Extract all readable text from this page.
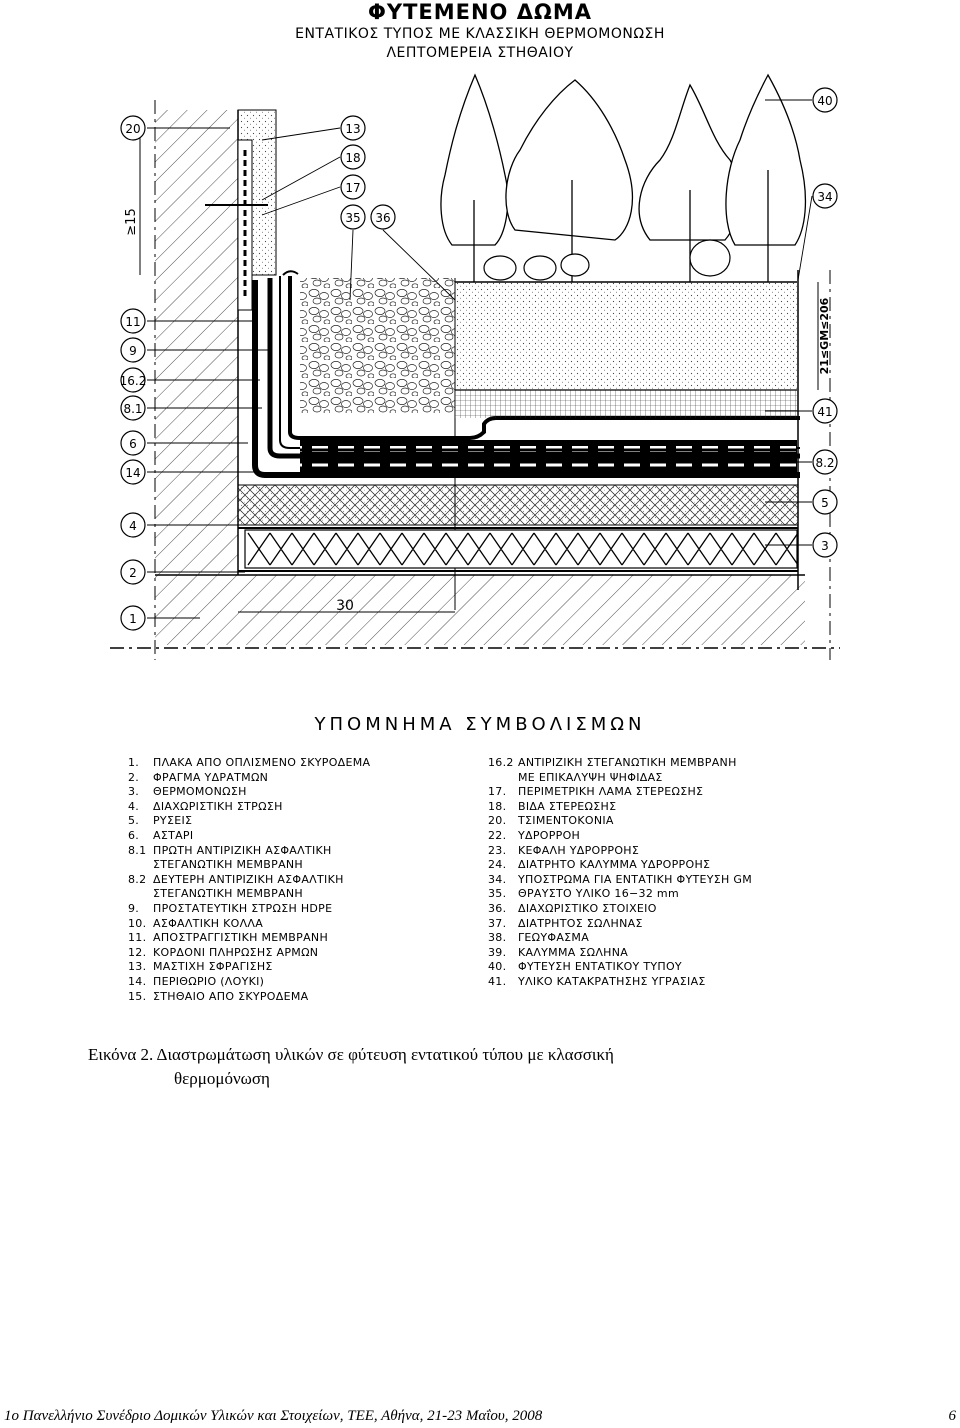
ΦΥΤΕΜΕΝΟ ΔΩΜΑ
ΕΝΤΑΤΙΚΟΣ ΤΥΠΟΣ ΜΕ ΚΛΑΣΣΙΚΗ ΘΕΡΜΟΜΟΝΩΣΗ
ΛΕΠΤΟΜΕΡΕΙΑ ΣΤΗΘΑΙΟΥ
≥15
30
21≤GM≤206
20
11
9
16.2
8.1
6
14
4
2
1
13
18
17
35 36
40
34
41
8.2
5
3
ΥΠΟΜΝΗΜΑ ΣΥΜΒΟΛΙΣΜΩΝ
1.	ΠΛΑΚΑ ΑΠΟ ΟΠΛΙΣΜΕΝΟ ΣΚΥΡΟΔΕΜΑ
2.	ΦΡΑΓΜΑ ΥΔΡΑΤΜΩΝ
3.	ΘΕΡΜΟΜΟΝΩΣΗ
4.	ΔΙΑΧΩΡΙΣΤΙΚΗ ΣΤΡΩΣΗ
5.	ΡΥΣΕΙΣ
6.	ΑΣΤΑΡΙ
8.1 ΠΡΩΤΗ ΑΝΤΙΡΙΖΙΚΗ ΑΣΦΑΛΤΙΚΗ
ΣΤΕΓΑΝΩΤΙΚΗ ΜΕΜΒΡΑΝΗ
8.2 ΔΕΥΤΕΡΗ ΑΝΤΙΡΙΖΙΚΗ ΑΣΦΑΛΤΙΚΗ
ΣΤΕΓΑΝΩΤΙΚΗ ΜΕΜΒΡΑΝΗ
9.	ΠΡΟΣΤΑΤΕΥΤΙΚΗ ΣΤΡΩΣΗ HDPE
10. ΑΣΦΑΛΤΙΚΗ ΚΟΛΛΑ
11. ΑΠΟΣΤΡΑΓΓΙΣΤΙΚΗ ΜΕΜΒΡΑΝΗ
12. ΚΟΡΔΟΝΙ ΠΛΗΡΩΣΗΣ ΑΡΜΩΝ
13. ΜΑΣΤΙΧΗ ΣΦΡΑΓΙΣΗΣ
14. ΠΕΡΙΘΩΡΙΟ (ΛΟΥΚΙ)
15. ΣΤΗΘΑΙΟ ΑΠΟ ΣΚΥΡΟΔΕΜΑ
16.2 ΑΝΤΙΡΙΖΙΚΗ ΣΤΕΓΑΝΩΤΙΚΗ ΜΕΜΒΡΑΝΗ
ΜΕ ΕΠΙΚΑΛΥΨΗ ΨΗΦΙΔΑΣ
17.	ΠΕΡΙΜΕΤΡΙΚΗ ΛΑΜΑ ΣΤΕΡΕΩΣΗΣ
18.	ΒΙΔΑ ΣΤΕΡΕΩΣΗΣ
20.	ΤΣΙΜΕΝΤΟΚΟΝΙΑ
22.	ΥΔΡΟΡΡΟΗ
23.	ΚΕΦΑΛΗ ΥΔΡΟΡΡΟΗΣ
24.	ΔΙΑΤΡΗΤΟ ΚΑΛΥΜΜΑ ΥΔΡΟΡΡΟΗΣ
34.	ΥΠΟΣΤΡΩΜΑ ΓΙΑ ΕΝΤΑΤΙΚΗ ΦΥΤΕΥΣΗ GM
35.	ΘΡΑΥΣΤΟ ΥΛΙΚΟ 16−32 mm
36.	ΔΙΑΧΩΡΙΣΤΙΚΟ ΣΤΟΙΧΕΙΟ
37.	ΔΙΑΤΡΗΤΟΣ ΣΩΛΗΝΑΣ
38.	ΓΕΩΥΦΑΣΜΑ
39.	ΚΑΛΥΜΜΑ ΣΩΛΗΝΑ
40.	ΦΥΤΕΥΣΗ ΕΝΤΑΤΙΚΟΥ ΤΥΠΟΥ
41.	ΥΛΙΚΟ ΚΑΤΑΚΡΑΤΗΣΗΣ ΥΓΡΑΣΙΑΣ
Εικόνα 2. Διαστρωμάτωση υλικών σε φύτευση εντατικού τύπου με κλασσική
θερμομόνωση
1ο Πανελλήνιο Συνέδριο Δομικών Υλικών και Στοιχείων, ΤΕΕ, Αθήνα, 21-23 Μαΐου, 2008	6
